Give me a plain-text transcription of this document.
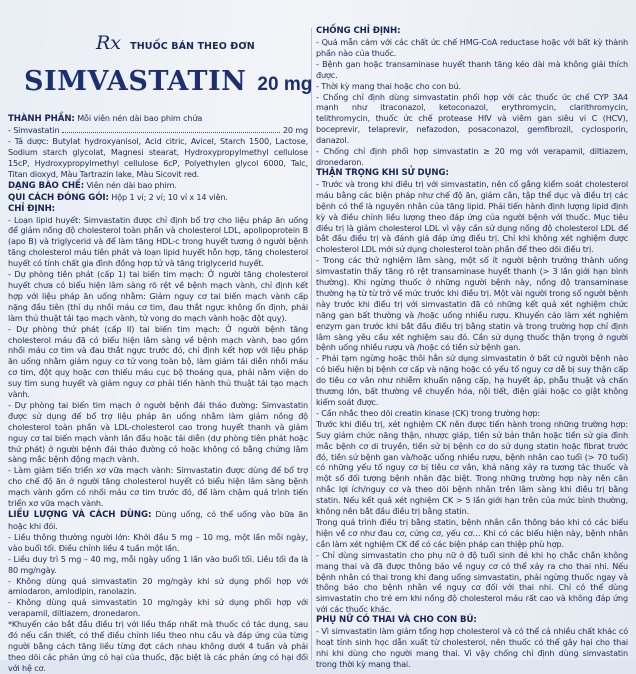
Rx THUỐC BÁN THEO ĐƠN
SIMVASTATIN 20 mg

THÀNH PHẦN: Mỗi viên nén dài bao phim chứa

- Simvastatin	20 mg

- Tá dược: Butylat hydroxyanisol, Acid citric, Avicel, Starch 1500, Lactose, Sodium starch glycolat, Magnesi stearat, Hydroxypropylmethyl cellulose 15cP, Hydroxypropylmethyl cellulose 6cP, Polyethylen glycol 6000, Talc, Titan dioxyd, Màu Tartrazin lake, Màu Sicovit red.

DẠNG BÀO CHẾ: Viên nén dài bao phim.

QUI CÁCH ĐÓNG GÓI: Hộp 1 vỉ; 2 vỉ; 10 vỉ x 14 viên.

CHỈ ĐỊNH:

- Loạn lipid huyết: Simvastatin được chỉ định bổ trợ cho liệu pháp ăn uống để giảm nồng độ cholesterol toàn phần và cholesterol LDL, apolipoprotein B (apo B) và triglycerid và để làm tăng HDL-c trong huyết tương ở người bệnh tăng cholesterol máu tiên phát và loạn lipid huyết hỗn hợp, tăng cholesterol huyết có tính chất gia đình đồng hợp tử và tăng triglycerid huyết.

- Dự phòng tiên phát (cấp 1) tai biến tim mạch: Ở người tăng cholesterol huyết chưa có biểu hiện lâm sàng rõ rệt về bệnh mạch vành, chỉ định kết hợp với liệu pháp ăn uống nhằm: Giảm nguy cơ tai biến mạch vành cấp nặng đầu tiên (thí dụ nhồi máu cơ tim, đau thắt ngực không ổn định, phải làm thủ thuật tái tạo mạch vành, tử vong do mạch vành hoặc đột quỵ).

- Dự phòng thứ phát (cấp II) tai biến tim mạch: Ở người bệnh tăng cholesterol máu đã có biểu hiện lâm sàng về bệnh mạch vành, bao gồm nhồi máu cơ tim và đau thắt ngực trước đó, chỉ định kết hợp với liệu pháp ăn uống nhằm giảm nguy cơ tử vong toàn bộ, làm giảm tái diễn nhồi máu cơ tim, đột quỵ hoặc cơn thiếu máu cục bộ thoáng qua, phải nằm viện do suy tim sung huyết và giảm nguy cơ phải tiến hành thủ thuật tái tạo mạch vành.

- Dự phòng tai biến tim mạch ở người bệnh đái tháo đường: Simvastatin được sử dụng để bổ trợ liệu pháp ăn uống nhằm làm giảm nồng độ cholesterol toàn phần và LDL-cholesterol cao trong huyết thanh và giảm nguy cơ tai biến mạch vành lần đầu hoặc tái diễn (dự phòng tiên phát hoặc thứ phát) ở người bệnh đái tháo đường có hoặc không có bằng chứng lâm sàng mắc bệnh động mạch vành.

- Làm giảm tiến triển xơ vữa mạch vành: Simvastatin được dùng để bổ trợ cho chế độ ăn ở người tăng cholesterol huyết có biểu hiện lâm sàng bệnh mạch vành gồm có nhồi máu cơ tim trước đó, để làm chậm quá trình tiến triển xơ vữa mạch vành.

LIỀU LƯỢNG VÀ CÁCH DÙNG: Dùng uống, có thể uống vào bữa ăn hoặc khi đói.

- Liều thông thường người lớn: Khởi đầu 5 mg – 10 mg, một lần mỗi ngày, vào buổi tối. Điều chỉnh liều 4 tuần một lần.

- Liều duy trì 5 mg – 40 mg, mỗi ngày uống 1 lần vào buổi tối. Liều tối đa là 80 mg/ngày.

- Không dùng quá simvastatin 20 mg/ngày khi sử dụng phối hợp với amiodaron, amlodipin, ranolazin.

- Không dùng quá simvastatin 10 mg/ngày khi sử dụng phối hợp với verapamil, diltiazem, dronedaron.

*Khuyến cáo bắt đầu điều trị với liều thấp nhất mà thuốc có tác dụng, sau đó nếu cần thiết, có thể điều chỉnh liều theo nhu cầu và đáp ứng của từng người bằng cách tăng liều từng đợt cách nhau không dưới 4 tuần và phải theo dõi các phản ứng có hại của thuốc, đặc biệt là các phản ứng có hại đối với hệ cơ.

CHỐNG CHỈ ĐỊNH:

- Quá mẫn cảm với các chất ức chế HMG-CoA reductase hoặc với bất kỳ thành phần nào của thuốc.

- Bệnh gan hoặc transaminase huyết thanh tăng kéo dài mà không giải thích được.

- Thời kỳ mang thai hoặc cho con bú.

- Chống chỉ định dùng simvastatin phối hợp với các thuốc ức chế CYP 3A4 mạnh như itraconazol, ketoconazol, erythromycin, clarithromycin, telithromycin, thuốc ức chế protease HIV và viêm gan siêu vi C (HCV), boceprevir, telaprevir, nefazodon, posaconazol, gemfibrozil, cyclosporin, danazol.

- Chống chỉ định phối hợp simvastatin ≥ 20 mg với verapamil, diltiazem, dronedaron.

THẬN TRỌNG KHI SỬ DỤNG:

- Trước và trong khi điều trị với simvastatin, nên cố gắng kiểm soát cholesterol máu bằng các biện pháp như chế độ ăn, giảm cân, tập thể dục và điều trị các bệnh có thể là nguyên nhân của tăng lipid. Phải tiến hành định lượng lipid định kỳ và điều chỉnh liều lượng theo đáp ứng của người bệnh với thuốc. Mục tiêu điều trị là giảm cholesterol LDL vì vậy cần sử dụng nồng độ cholesterol LDL để bắt đầu điều trị và đánh giá đáp ứng điều trị. Chỉ khi không xét nghiệm được cholesterol LDL mới sử dụng cholesterol toàn phần để theo dõi điều trị.

- Trong các thử nghiệm lâm sàng, một số ít người bệnh trưởng thành uống simvastatin thấy tăng rõ rệt transaminase huyết thanh (> 3 lần giới hạn bình thường). Khi ngừng thuốc ở những người bệnh này, nồng độ transaminase thường hạ từ từ trở về mức trước khi điều trị. Một vài người trong số người bệnh này trước khi điều trị với simvastatin đã có những kết quả xét nghiệm chức năng gan bất thường và /hoặc uống nhiều rượu. Khuyến cáo làm xét nghiệm enzym gan trước khi bắt đầu điều trị bằng statin và trong trường hợp chỉ định lâm sàng yêu cầu xét nghiệm sau đó. Cần sử dụng thuốc thận trọng ở người bệnh uống nhiều rượu và /hoặc có tiền sử bệnh gan.

- Phải tạm ngừng hoặc thôi hẳn sử dụng simvastatin ở bất cứ người bệnh nào có biểu hiện bị bệnh cơ cấp và nặng hoặc có yếu tố nguy cơ dễ bị suy thận cấp do tiêu cơ vân như nhiễm khuẩn nặng cấp, hạ huyết áp, phẫu thuật và chấn thương lớn, bất thường về chuyển hóa, nội tiết, điện giải hoặc co giật không kiểm soát được.

- Cần nhắc theo dõi creatin kinase (CK) trong trường hợp:

Trước khi điều trị, xét nghiệm CK nên được tiến hành trong những trường hợp: Suy giảm chức năng thận, nhược giáp, tiền sử bản thân hoặc tiền sử gia đình mắc bệnh cơ di truyền, tiền sử bị bệnh cơ do sử dụng statin hoặc fibrat trước đó, tiền sử bệnh gan và/hoặc uống nhiều rượu, bệnh nhân cao tuổi (> 70 tuổi) có những yếu tố nguy cơ bị tiêu cơ vân, khả năng xảy ra tương tác thuốc và một số đối tượng bệnh nhân đặc biệt. Trong những trường hợp này nên cân nhắc lợi ích/nguy cơ và theo dõi bệnh nhân trên lâm sàng khi điều trị bằng statin. Nếu kết quả xét nghiệm CK > 5 lần giới hạn trên của mức bình thường, không nên bắt đầu điều trị bằng statin.

Trong quá trình điều trị bằng statin, bệnh nhân cần thông báo khi có các biểu hiện về cơ như đau cơ, cứng cơ, yếu cơ… Khi có các biểu hiện này, bệnh nhân cần làm xét nghiệm CK để có các biện pháp can thiệp phù hợp.

- Chỉ dùng simvastatin cho phụ nữ ở độ tuổi sinh đẻ khi họ chắc chắn không mang thai và đã được thông báo về nguy cơ có thể xảy ra cho thai nhi. Nếu bệnh nhân có thai trong khi đang uống simvastatin, phải ngừng thuốc ngay và thông báo cho bệnh nhân về nguy cơ đối với thai nhi. Chỉ có thể dùng simvastatin cho trẻ em khi nồng độ cholesterol máu rất cao và không đáp ứng với các thuốc khác.

PHỤ NỮ CÓ THAI VÀ CHO CON BÚ:

- Vì simvastatin làm giảm tổng hợp cholesterol và có thể cả nhiều chất khác có hoạt tính sinh học dẫn xuất từ cholesterol, nên thuốc có thể gây hại cho thai nhi khi dùng cho người mang thai. Vì vậy chống chỉ định dùng simvastatin trong thời kỳ mang thai.
